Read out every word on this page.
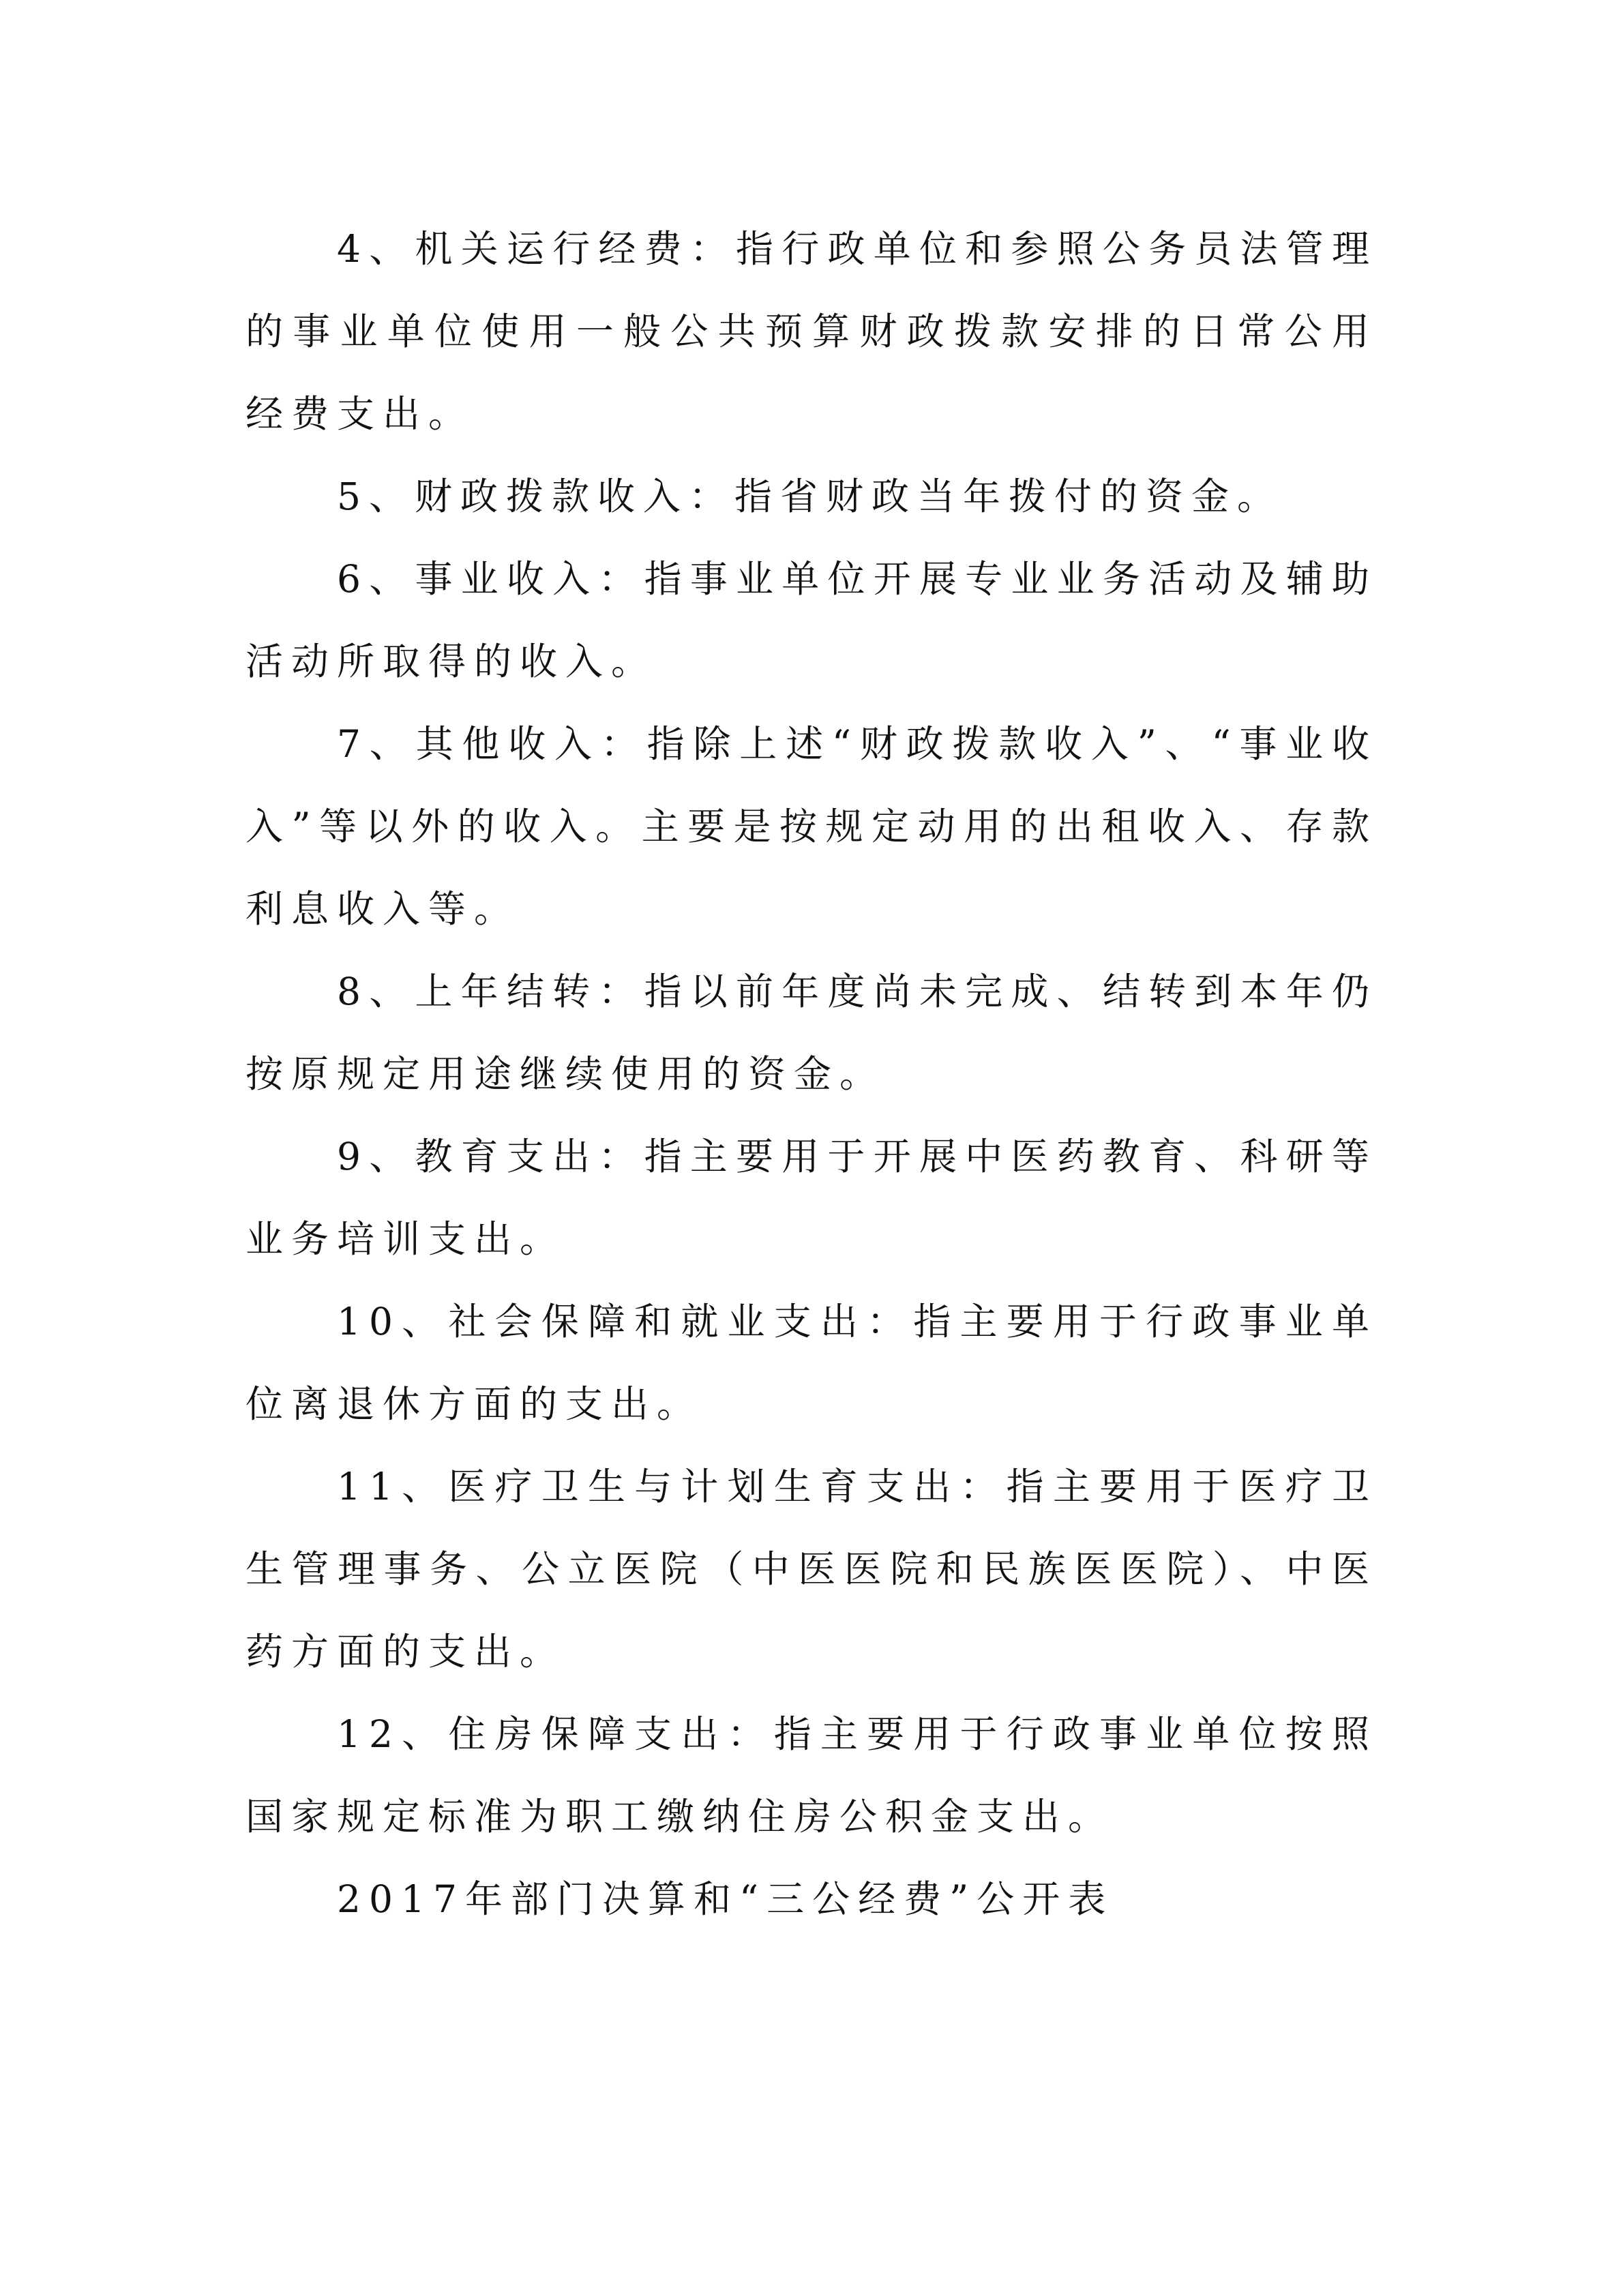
4、机关运行经费：指行政单位和参照公务员法管理的事业单位使用一般公共预算财政拨款安排的日常公用经费支出。

5、财政拨款收入：指省财政当年拨付的资金。

6、事业收入：指事业单位开展专业业务活动及辅助活动所取得的收入。

7、其他收入：指除上述“财政拨款收入”、“事业收入”等以外的收入。主要是按规定动用的出租收入、存款利息收入等。

8、上年结转：指以前年度尚未完成、结转到本年仍按原规定用途继续使用的资金。

9、教育支出：指主要用于开展中医药教育、科研等业务培训支出。

10、社会保障和就业支出：指主要用于行政事业单位离退休方面的支出。

11、医疗卫生与计划生育支出：指主要用于医疗卫生管理事务、公立医院（中医医院和民族医医院）、中医药方面的支出。

12、住房保障支出：指主要用于行政事业单位按照国家规定标准为职工缴纳住房公积金支出。

2017年部门决算和“三公经费”公开表
